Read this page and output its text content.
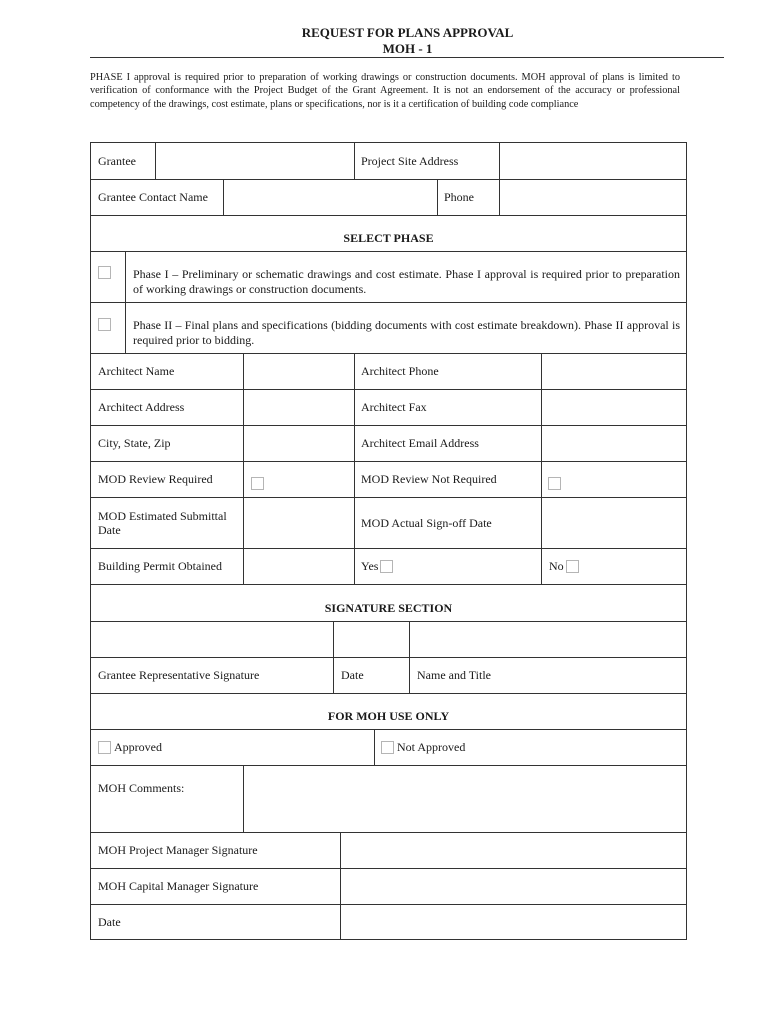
REQUEST FOR PLANS APPROVAL
MOH - 1
PHASE I approval is required prior to preparation of working drawings or construction documents. MOH approval of plans is limited to verification of conformance with the Project Budget of the Grant Agreement. It is not an endorsement of the accuracy or professional competency of the drawings, cost estimate, plans or specifications, nor is it a certification of building code compliance
Grantee	Project Site Address
Grantee Contact Name	Phone
SELECT PHASE
Phase I – Preliminary or schematic drawings and cost estimate. Phase I approval is required prior to preparation of working drawings or construction documents.
Phase II – Final plans and specifications (bidding documents with cost estimate breakdown). Phase II approval is required prior to bidding.
Architect Name	Architect Phone
Architect Address	Architect Fax
City, State, Zip	Architect Email Address
MOD Review Required	MOD Review Not Required
MOD Estimated Submittal Date	MOD Actual Sign-off Date
Building Permit Obtained	Yes	No
SIGNATURE SECTION
Grantee Representative Signature	Date	Name and Title
FOR MOH USE ONLY
Approved	Not Approved
MOH Comments:
MOH Project Manager Signature
MOH Capital Manager Signature
Date
